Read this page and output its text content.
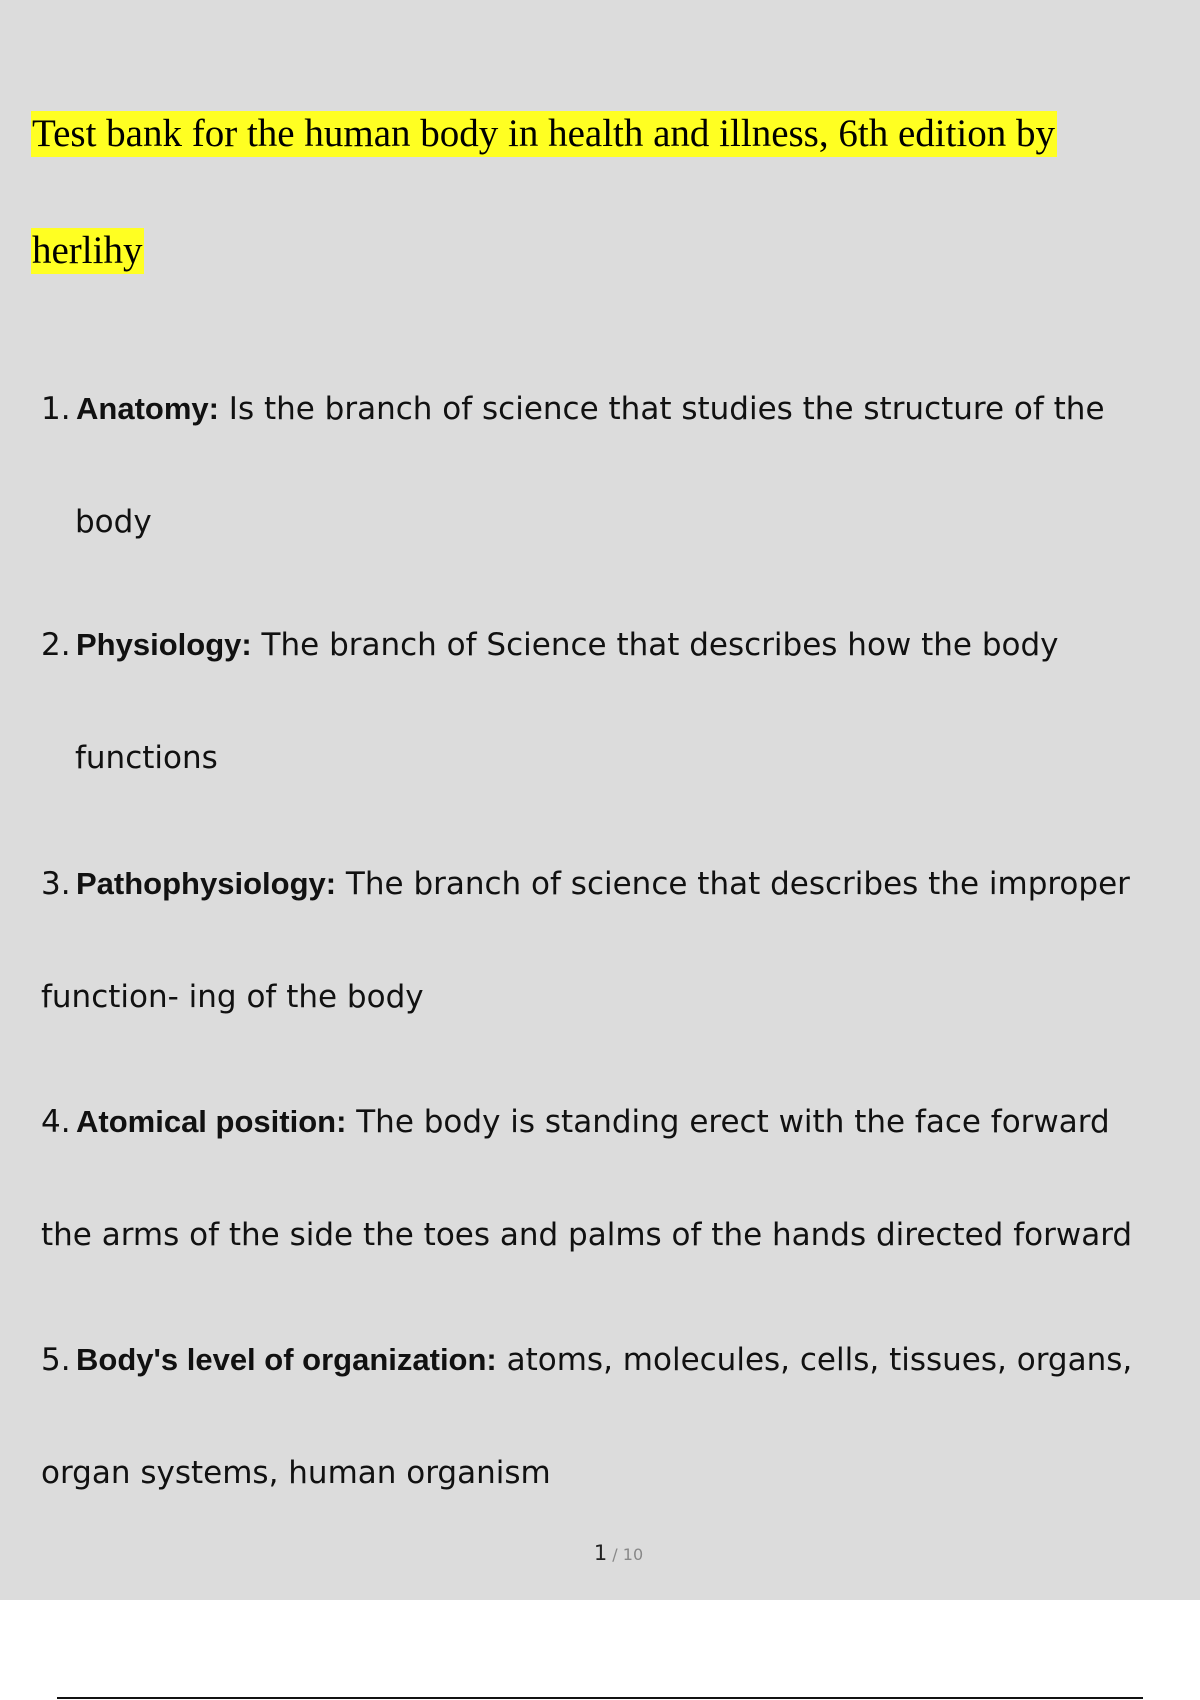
Test bank for the human body in health and illness, 6th edition by
herlihy
1. Anatomy: Is the branch of science that studies the structure of the
body
2. Physiology: The branch of Science that describes how the body
functions
3. Pathophysiology: The branch of science that describes the improper
function- ing of the body
4. Atomical position: The body is standing erect with the face forward
the arms of the side the toes and palms of the hands directed forward
5. Body's level of organization: atoms, molecules, cells, tissues, organs,
organ systems, human organism
1 / 10
